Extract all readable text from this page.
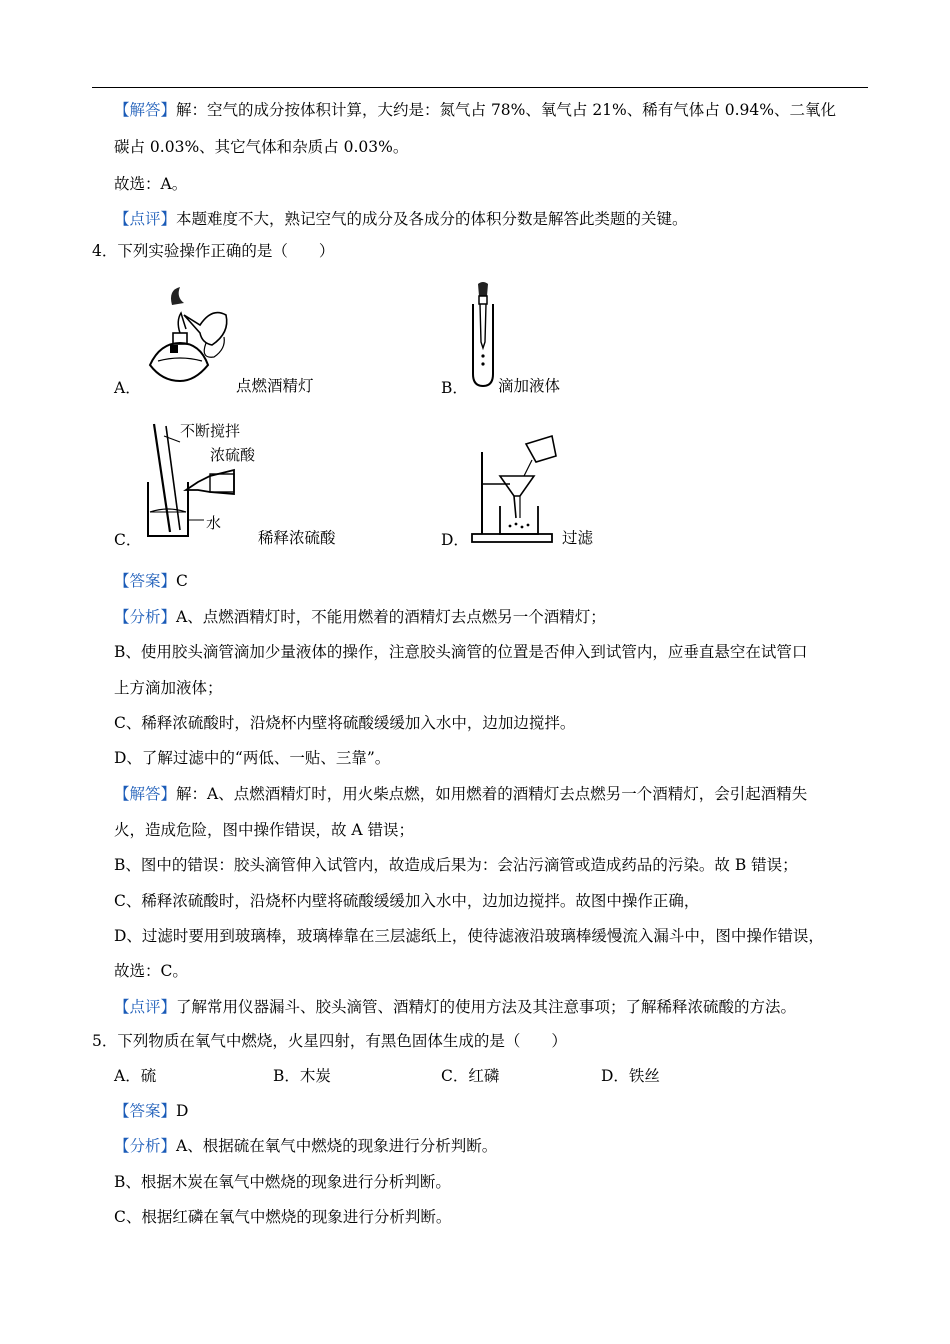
【解答】解：空气的成分按体积计算，大约是：氮气占 78%、氧气占 21%、稀有气体占 0.94%、二氧化
碳占 0.03%、其它气体和杂质占 0.03%。
故选：A。
【点评】本题难度不大，熟记空气的成分及各成分的体积分数是解答此类题的关键。
4．下列实验操作正确的是（　　）
A．	点燃酒精灯	B． 滴加液体
不断搅拌
浓硫酸
水
C．	稀释浓硫酸	D．	过滤
【答案】C
【分析】A、点燃酒精灯时，不能用燃着的酒精灯去点燃另一个酒精灯；
B、使用胶头滴管滴加少量液体的操作，注意胶头滴管的位置是否伸入到试管内，应垂直悬空在试管口
上方滴加液体；
C、稀释浓硫酸时，沿烧杯内壁将硫酸缓缓加入水中，边加边搅拌。
D、了解过滤中的“两低、一贴、三靠”。
【解答】解：A、点燃酒精灯时，用火柴点燃，如用燃着的酒精灯去点燃另一个酒精灯，会引起酒精失
火，造成危险，图中操作错误，故 A 错误；
B、图中的错误：胶头滴管伸入试管内，故造成后果为：会沾污滴管或造成药品的污染。故 B 错误；
C、稀释浓硫酸时，沿烧杯内壁将硫酸缓缓加入水中，边加边搅拌。故图中操作正确，
D、过滤时要用到玻璃棒，玻璃棒靠在三层滤纸上，使待滤液沿玻璃棒缓慢流入漏斗中，图中操作错误，
故选：C。
【点评】了解常用仪器漏斗、胶头滴管、酒精灯的使用方法及其注意事项；了解稀释浓硫酸的方法。
5．下列物质在氧气中燃烧，火星四射，有黑色固体生成的是（　　）
A．硫	B．木炭	C．红磷	D．铁丝
【答案】D
【分析】A、根据硫在氧气中燃烧的现象进行分析判断。
B、根据木炭在氧气中燃烧的现象进行分析判断。
C、根据红磷在氧气中燃烧的现象进行分析判断。
